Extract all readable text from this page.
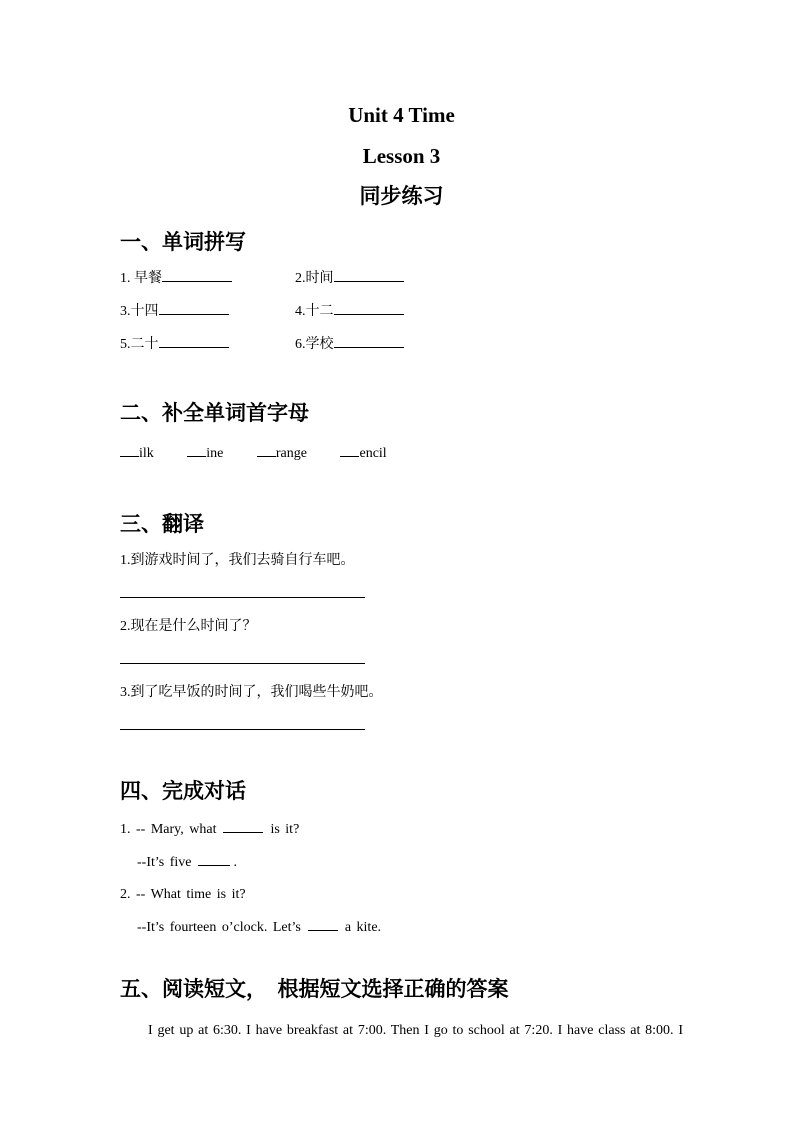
Unit 4 Time
Lesson 3
同步练习
一、单词拼写
1. 早餐	2.时间
3.十四	4.十二
5.二十	6.学校
二、补全单词首字母
ilk	ine	range	encil
三、翻译

1.到游戏时间了，我们去骑自行车吧。

2.现在是什么时间了？

3.到了吃早饭的时间了，我们喝些牛奶吧。

四、完成对话
1. -- Mary, what	is it?
--It’s five	.
2. -- What time is it?
--It’s fourteen o’clock. Let’s	a kite.
五、阅读短文，　根据短文选择正确的答案

I get up at 6:30. I have breakfast at 7:00. Then I go to school at 7:20. I have class at 8:00. I
